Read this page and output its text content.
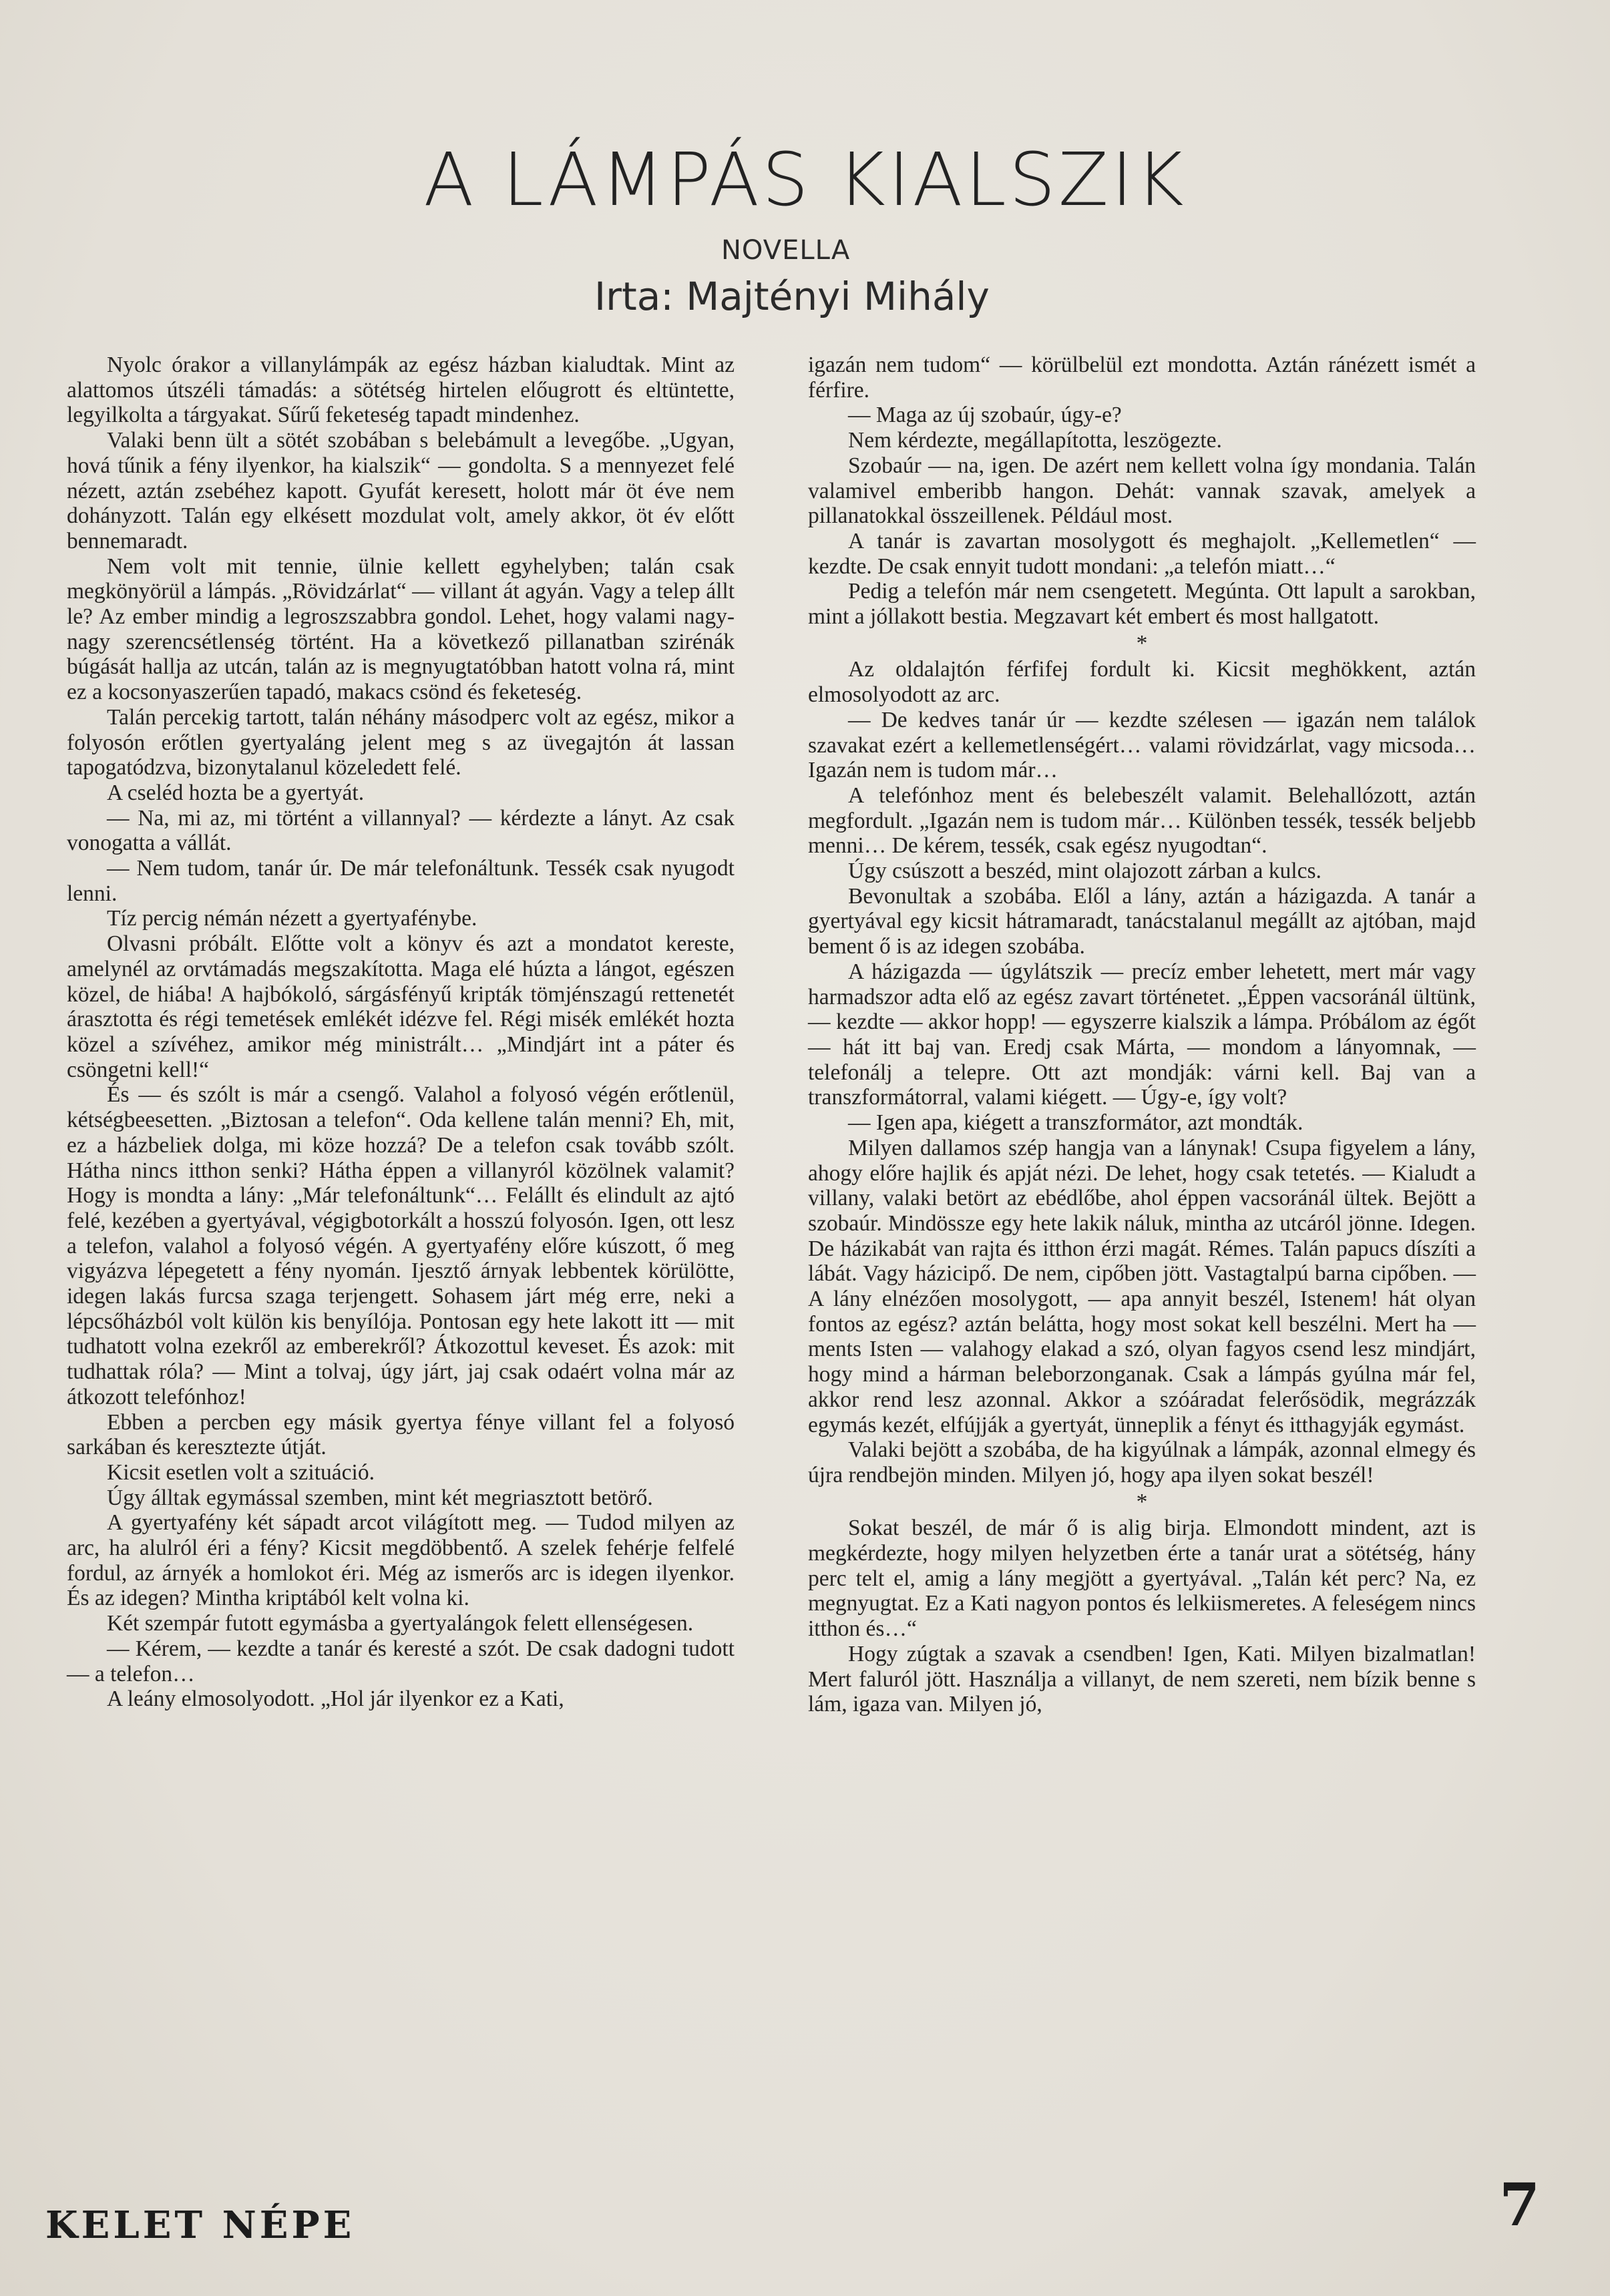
A LÁMPÁS KIALSZIK
NOVELLA
Irta: Majtényi Mihály

Nyolc órakor a villanylámpák az egész házban kialudtak. Mint az alattomos útszéli támadás: a sötétség hirtelen előugrott és eltüntette, legyilkolta a tárgyakat. Sűrű feketeség tapadt mindenhez.

Valaki benn ült a sötét szobában s belebámult a levegőbe. „Ugyan, hová tűnik a fény ilyenkor, ha kialszik“ — gondolta. S a mennyezet felé nézett, aztán zsebéhez kapott. Gyufát keresett, holott már öt éve nem dohányzott. Talán egy elkésett mozdulat volt, amely akkor, öt év előtt bennemaradt.

Nem volt mit tennie, ülnie kellett egyhelyben; talán csak megkönyörül a lámpás. „Rövidzárlat“ — villant át agyán. Vagy a telep állt le? Az ember mindig a legroszszabbra gondol. Lehet, hogy valami nagy-nagy szerencsétlenség történt. Ha a következő pillanatban szirénák búgását hallja az utcán, talán az is megnyugtatóbban hatott volna rá, mint ez a kocsonyaszerűen tapadó, makacs csönd és feketeség.

Talán percekig tartott, talán néhány másodperc volt az egész, mikor a folyosón erőtlen gyertyaláng jelent meg s az üvegajtón át lassan tapogatódzva, bizonytalanul közeledett felé.

A cseléd hozta be a gyertyát.

— Na, mi az, mi történt a villannyal? — kérdezte a lányt. Az csak vonogatta a vállát.

— Nem tudom, tanár úr. De már telefonáltunk. Tessék csak nyugodt lenni.

Tíz percig némán nézett a gyertyafénybe.

Olvasni próbált. Előtte volt a könyv és azt a mondatot kereste, amelynél az orvtámadás megszakította. Maga elé húzta a lángot, egészen közel, de hiába! A hajbókoló, sárgásfényű kripták tömjénszagú rettenetét árasztotta és régi temetések emlékét idézve fel. Régi misék emlékét hozta közel a szívéhez, amikor még ministrált… „Mindjárt int a páter és csöngetni kell!“

És — és szólt is már a csengő. Valahol a folyosó végén erőtlenül, kétségbeesetten. „Biztosan a telefon“. Oda kellene talán menni? Eh, mit, ez a házbeliek dolga, mi köze hozzá? De a telefon csak tovább szólt. Hátha nincs itthon senki? Hátha éppen a villanyról közölnek valamit? Hogy is mondta a lány: „Már telefonáltunk“… Felállt és elindult az ajtó felé, kezében a gyertyával, végigbotorkált a hosszú folyosón. Igen, ott lesz a telefon, valahol a folyosó végén. A gyertyafény előre kúszott, ő meg vigyázva lépegetett a fény nyomán. Ijesztő árnyak lebbentek körülötte, idegen lakás furcsa szaga terjengett. Sohasem járt még erre, neki a lépcsőházból volt külön kis benyílója. Pontosan egy hete lakott itt — mit tudhatott volna ezekről az emberekről? Átkozottul keveset. És azok: mit tudhattak róla? — Mint a tolvaj, úgy járt, jaj csak odaért volna már az átkozott telefónhoz!

Ebben a percben egy másik gyertya fénye villant fel a folyosó sarkában és keresztezte útját.

Kicsit esetlen volt a szituáció.

Úgy álltak egymással szemben, mint két megriasztott betörő.

A gyertyafény két sápadt arcot világított meg. — Tudod milyen az arc, ha alulról éri a fény? Kicsit megdöbbentő. A szelek fehérje felfelé fordul, az árnyék a homlokot éri. Még az ismerős arc is idegen ilyenkor. És az idegen? Mintha kriptából kelt volna ki.

Két szempár futott egymásba a gyertyalángok felett ellenségesen.

— Kérem, — kezdte a tanár és keresté a szót. De csak dadogni tudott — a telefon…

A leány elmosolyodott. „Hol jár ilyenkor ez a Kati,

igazán nem tudom“ — körülbelül ezt mondotta. Aztán ránézett ismét a férfire.

— Maga az új szobaúr, úgy-e?

Nem kérdezte, megállapította, leszögezte.

Szobaúr — na, igen. De azért nem kellett volna így mondania. Talán valamivel emberibb hangon. Dehát: vannak szavak, amelyek a pillanatokkal összeillenek. Például most.

A tanár is zavartan mosolygott és meghajolt. „Kellemetlen“ — kezdte. De csak ennyit tudott mondani: „a telefón miatt…“

Pedig a telefón már nem csengetett. Megúnta. Ott lapult a sarokban, mint a jóllakott bestia. Megzavart két embert és most hallgatott.

*

Az oldalajtón férfifej fordult ki. Kicsit meghökkent, aztán elmosolyodott az arc.

— De kedves tanár úr — kezdte szélesen — igazán nem találok szavakat ezért a kellemetlenségért… valami rövidzárlat, vagy micsoda… Igazán nem is tudom már…

A telefónhoz ment és belebeszélt valamit. Belehallózott, aztán megfordult. „Igazán nem is tudom már… Különben tessék, tessék beljebb menni… De kérem, tessék, csak egész nyugodtan“.

Úgy csúszott a beszéd, mint olajozott zárban a kulcs.

Bevonultak a szobába. Elől a lány, aztán a házigazda. A tanár a gyertyával egy kicsit hátramaradt, tanácstalanul megállt az ajtóban, majd bement ő is az idegen szobába.

A házigazda — úgylátszik — precíz ember lehetett, mert már vagy harmadszor adta elő az egész zavart történetet. „Éppen vacsoránál ültünk, — kezdte — akkor hopp! — egyszerre kialszik a lámpa. Próbálom az égőt — hát itt baj van. Eredj csak Márta, — mondom a lányomnak, — telefonálj a telepre. Ott azt mondják: várni kell. Baj van a transzformátorral, valami kiégett. — Úgy-e, így volt?

— Igen apa, kiégett a transzformátor, azt mondták.

Milyen dallamos szép hangja van a lánynak! Csupa figyelem a lány, ahogy előre hajlik és apját nézi. De lehet, hogy csak tetetés. — Kialudt a villany, valaki betört az ebédlőbe, ahol éppen vacsoránál ültek. Bejött a szobaúr. Mindössze egy hete lakik náluk, mintha az utcáról jönne. Idegen. De házikabát van rajta és itthon érzi magát. Rémes. Talán papucs díszíti a lábát. Vagy házicipő. De nem, cipőben jött. Vastagtalpú barna cipőben. — A lány elnézően mosolygott, — apa annyit beszél, Istenem! hát olyan fontos az egész? aztán belátta, hogy most sokat kell beszélni. Mert ha — ments Isten — valahogy elakad a szó, olyan fagyos csend lesz mindjárt, hogy mind a hárman beleborzonganak. Csak a lámpás gyúlna már fel, akkor rend lesz azonnal. Akkor a szóáradat felerősödik, megrázzák egymás kezét, elfújják a gyertyát, ünneplik a fényt és itthagyják egymást.

Valaki bejött a szobába, de ha kigyúlnak a lámpák, azonnal elmegy és újra rendbejön minden. Milyen jó, hogy apa ilyen sokat beszél!

*

Sokat beszél, de már ő is alig birja. Elmondott mindent, azt is megkérdezte, hogy milyen helyzetben érte a tanár urat a sötétség, hány perc telt el, amig a lány megjött a gyertyával. „Talán két perc? Na, ez megnyugtat. Ez a Kati nagyon pontos és lelkiismeretes. A feleségem nincs itthon és…“

Hogy zúgtak a szavak a csendben! Igen, Kati. Milyen bizalmatlan! Mert faluról jött. Használja a villanyt, de nem szereti, nem bízik benne s lám, igaza van. Milyen jó,

KELET NÉPE	7
